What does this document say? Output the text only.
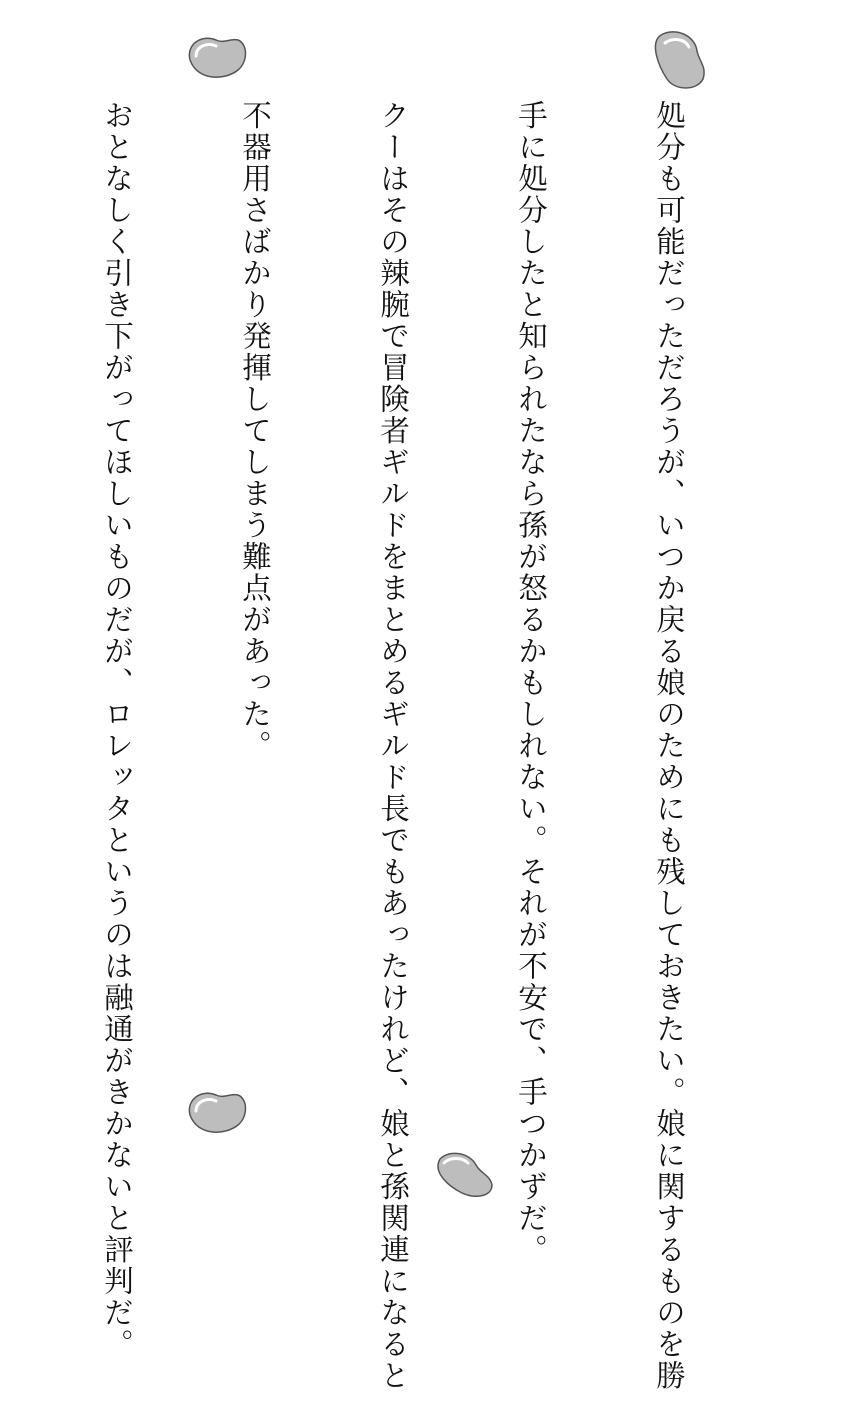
処分も可能だっただろうが、いつか戻る娘のためにも残しておきたい。娘に関するものを勝

手に処分したと知られたなら孫が怒るかもしれない。それが不安で、手つかずだ。

クーはその辣腕で冒険者ギルドをまとめるギルド長でもあったけれど、娘と孫関連になると

不器用さばかり発揮してしまう難点があった。

おとなしく引き下がってほしいものだが、ロレッタというのは融通がきかないと評判だ。
